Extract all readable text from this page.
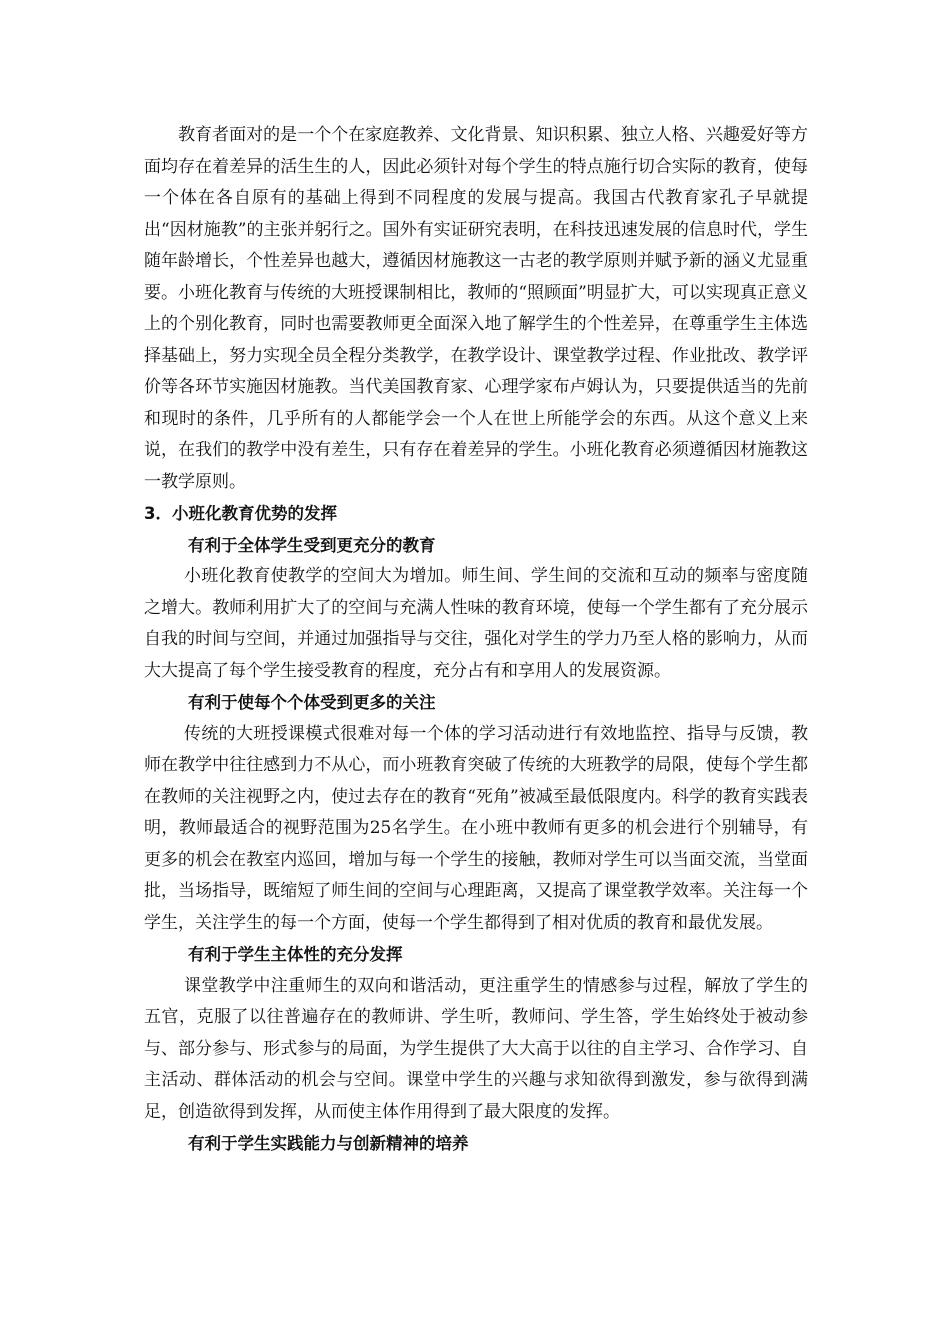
教育者面对的是一个个在家庭教养、文化背景、知识积累、独立人格、兴趣爱好等方面均存在着差异的活生生的人，因此必须针对每个学生的特点施行切合实际的教育，使每一个体在各自原有的基础上得到不同程度的发展与提高。我国古代教育家孔子早就提出“因材施教”的主张并躬行之。国外有实证研究表明，在科技迅速发展的信息时代，学生随年龄增长，个性差异也越大，遵循因材施教这一古老的教学原则并赋予新的涵义尤显重要。小班化教育与传统的大班授课制相比，教师的“照顾面”明显扩大，可以实现真正意义上的个别化教育，同时也需要教师更全面深入地了解学生的个性差异，在尊重学生主体选择基础上，努力实现全员全程分类教学，在教学设计、课堂教学过程、作业批改、教学评价等各环节实施因材施教。当代美国教育家、心理学家布卢姆认为，只要提供适当的先前和现时的条件，几乎所有的人都能学会一个人在世上所能学会的东西。从这个意义上来说，在我们的教学中没有差生，只有存在着差异的学生。小班化教育必须遵循因材施教这一教学原则。

3．小班化教育优势的发挥

有利于全体学生受到更充分的教育

小班化教育使教学的空间大为增加。师生间、学生间的交流和互动的频率与密度随之增大。教师利用扩大了的空间与充满人性味的教育环境，使每一个学生都有了充分展示自我的时间与空间，并通过加强指导与交往，强化对学生的学力乃至人格的影响力，从而大大提高了每个学生接受教育的程度，充分占有和享用人的发展资源。

有利于使每个个体受到更多的关注

传统的大班授课模式很难对每一个体的学习活动进行有效地监控、指导与反馈，教师在教学中往往感到力不从心，而小班教育突破了传统的大班教学的局限，使每个学生都在教师的关注视野之内，使过去存在的教育“死角”被减至最低限度内。科学的教育实践表明，教师最适合的视野范围为25名学生。在小班中教师有更多的机会进行个别辅导，有更多的机会在教室内巡回，增加与每一个学生的接触，教师对学生可以当面交流，当堂面批，当场指导，既缩短了师生间的空间与心理距离，又提高了课堂教学效率。关注每一个学生，关注学生的每一个方面，使每一个学生都得到了相对优质的教育和最优发展。

有利于学生主体性的充分发挥

课堂教学中注重师生的双向和谐活动，更注重学生的情感参与过程，解放了学生的五官，克服了以往普遍存在的教师讲、学生听，教师问、学生答，学生始终处于被动参与、部分参与、形式参与的局面，为学生提供了大大高于以往的自主学习、合作学习、自主活动、群体活动的机会与空间。课堂中学生的兴趣与求知欲得到激发，参与欲得到满足，创造欲得到发挥，从而使主体作用得到了最大限度的发挥。

有利于学生实践能力与创新精神的培养
